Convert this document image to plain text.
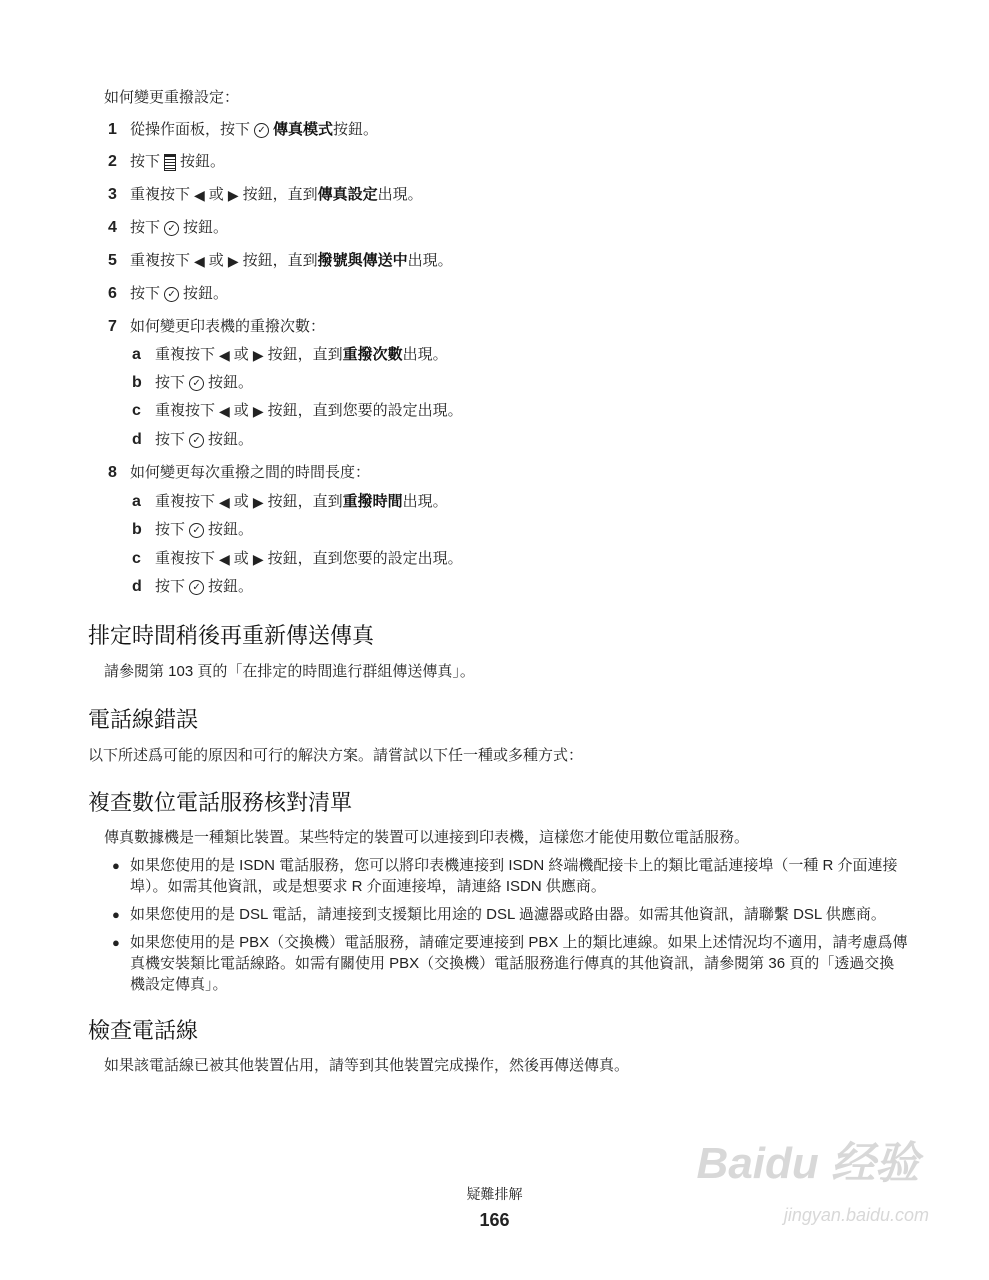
如何變更重撥設定：
1 從操作面板，按下 ✓ 傳真模式按鈕。
2 按下 按鈕。
3 重複按下 ◀ 或 ▶ 按鈕，直到傳真設定出現。
4 按下 ✓ 按鈕。
5 重複按下 ◀ 或 ▶ 按鈕，直到撥號與傳送中出現。
6 按下 ✓ 按鈕。
7 如何變更印表機的重撥次數：
a 重複按下 ◀ 或 ▶ 按鈕，直到重撥次數出現。
b 按下 ✓ 按鈕。
c 重複按下 ◀ 或 ▶ 按鈕，直到您要的設定出現。
d 按下 ✓ 按鈕。
8 如何變更每次重撥之間的時間長度：
a 重複按下 ◀ 或 ▶ 按鈕，直到重撥時間出現。
b 按下 ✓ 按鈕。
c 重複按下 ◀ 或 ▶ 按鈕，直到您要的設定出現。
d 按下 ✓ 按鈕。
排定時間稍後再重新傳送傳真
請參閱第 103 頁的「在排定的時間進行群組傳送傳真」。
電話線錯誤
以下所述爲可能的原因和可行的解決方案。請嘗試以下任一種或多種方式：
複查數位電話服務核對清單
傳真數據機是一種類比裝置。某些特定的裝置可以連接到印表機，這樣您才能使用數位電話服務。
● 如果您使用的是 ISDN 電話服務，您可以將印表機連接到 ISDN 終端機配接卡上的類比電話連接埠（一種 R 介面連接埠）。如需其他資訊，或是想要求 R 介面連接埠，請連絡 ISDN 供應商。
● 如果您使用的是 DSL 電話，請連接到支援類比用途的 DSL 過濾器或路由器。如需其他資訊，請聯繫 DSL 供應商。
● 如果您使用的是 PBX（交換機）電話服務，請確定要連接到 PBX 上的類比連線。如果上述情況均不適用，請考慮爲傳真機安裝類比電話線路。如需有關使用 PBX（交換機）電話服務進行傳真的其他資訊，請參閱第 36 頁的「透過交換機設定傳真」。
檢查電話線
如果該電話線已被其他裝置佔用，請等到其他裝置完成操作，然後再傳送傳真。
疑難排解
166
Baidu 经验
jingyan.baidu.com
